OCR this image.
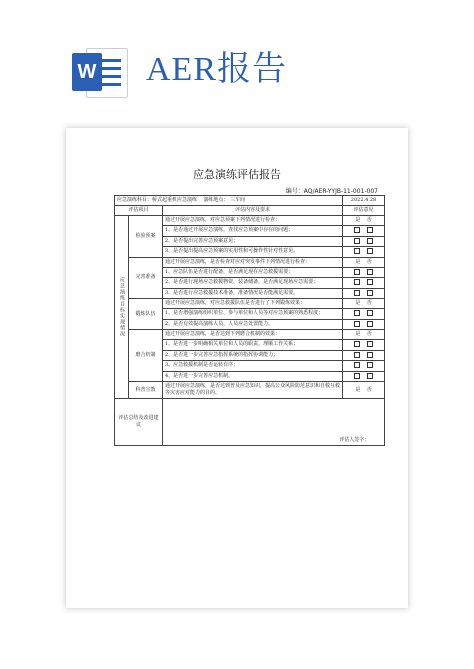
W AER报告
应急演练评估报告
编号：AQ/AER-YYJB-11-001-007
应急演练科目：桥式起重机应急演练 演练地点： 三车间			2022.4.28
评估项目		评估内容及要求	评估意见
应急演练目标实现情况	检验预案	通过开展应急演练，对应急预案下列情况进行检查：	是 否
		1、是否通过开展应急演练，查找应急预案中存在的问题；	
		2、是否提出完善应急预案意见；	
		3、是否提出提高应急预案的实用性和可操作性针对性意见。	
	完善准备	通过开展应急演练，是否检查对应对突发事件下列情况进行检查：	是 否
		1、应急队伍是否进行配备，是否满足现在应急救援需要；	
		2、是否进行现场应急救援物资、装备储备，是否满足现场应急需要；	
		3、是否进行应急救援技术准备，准备情况是否能满足需要。	
	锻炼队伍	通过开展应急演练，对应急救援队伍是否进行了下列锻炼效果：	是 否
		1、是否增强演练组织单位、参与单位和人员等对应急预案的熟悉程度；	
		2、是否有效提高演练人员、人员应急处置能力。	
	磨合机制	通过开展应急演练，是否达到下列磨合机制的效果：	是 否
		1、是否进一步明确相关单位和人员的职责，理顺工作关系；	
		2、是否进一步完善应急指挥系统的指挥协调能力；	
		3、应急救援机制是否运转有序；	
		4、是否进一步完善应急机制。	
	科普宣教	通过开展应急演练，是否达到普及应急知识，提高公众风险防范意识和自救互救等灾害应对能力的目的。	是 否
评估总结及改进建议		评估人签字：	
